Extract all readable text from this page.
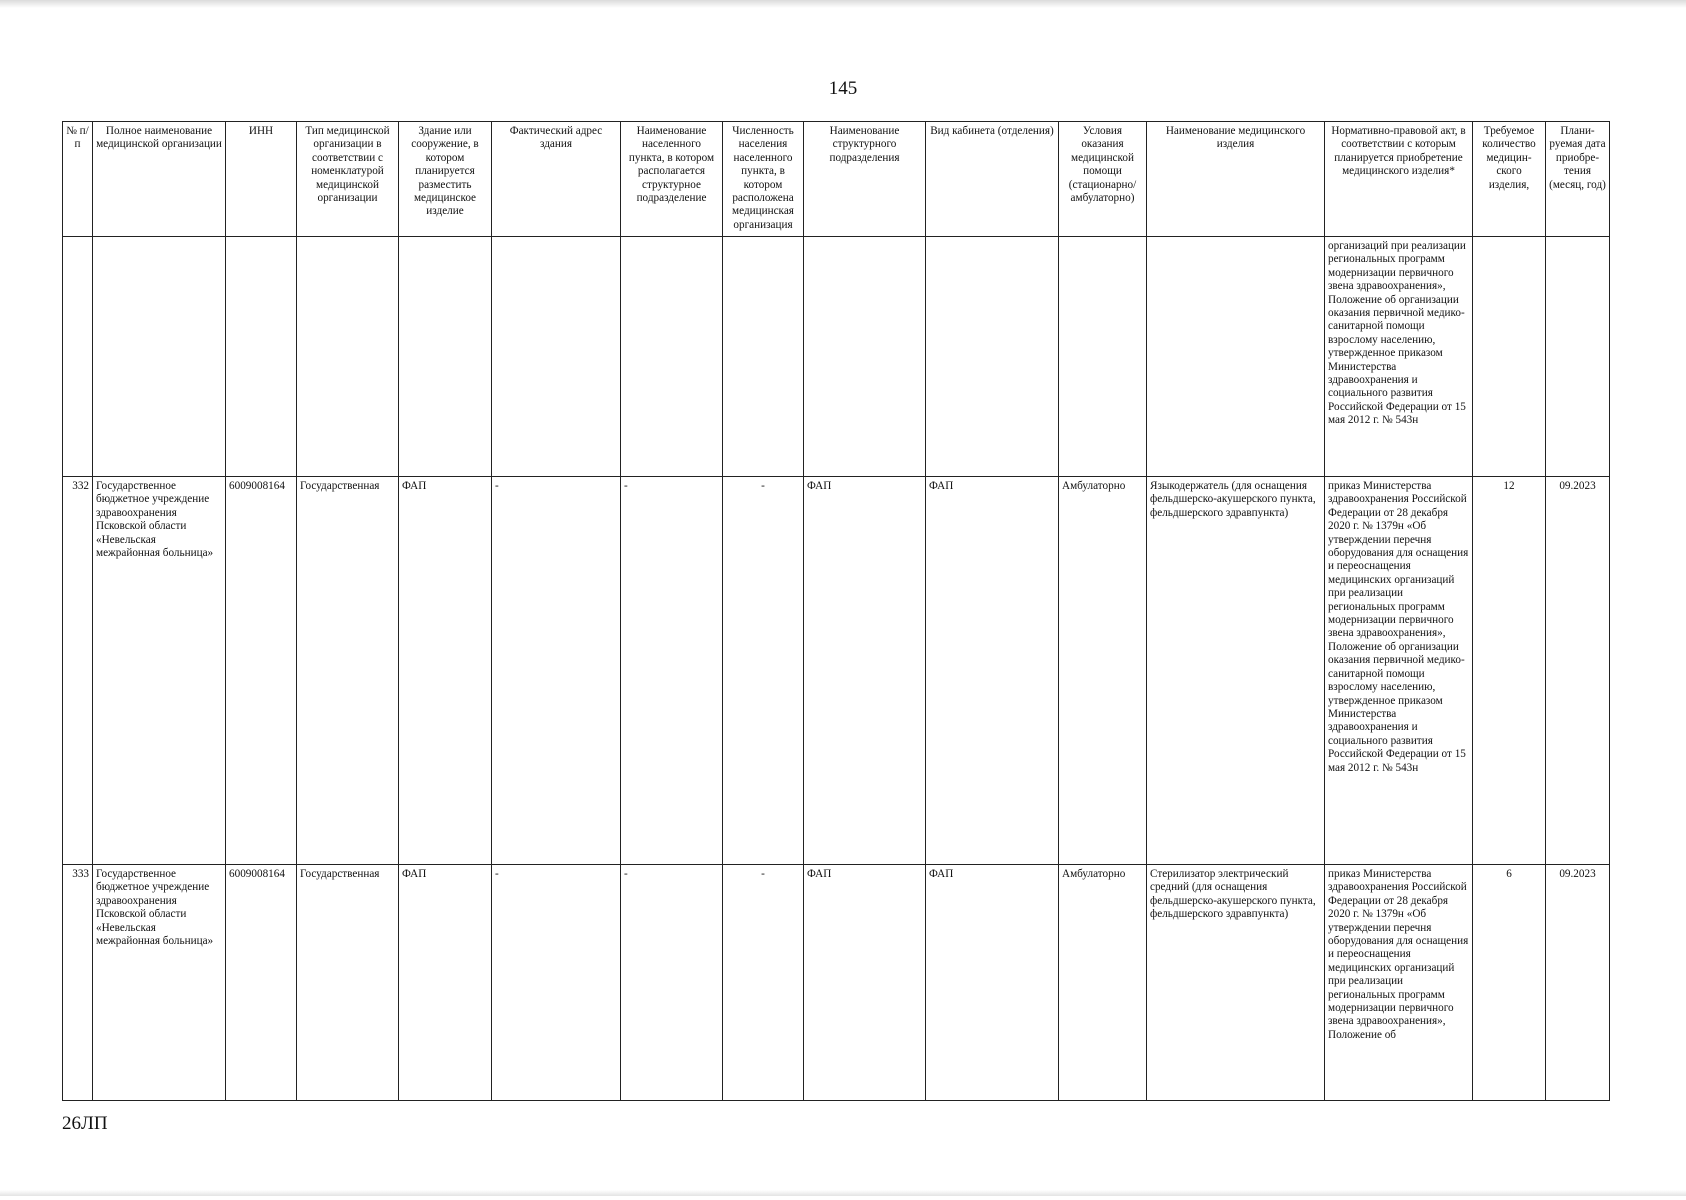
145
№ п/п	Полное наименование медицинской организации	ИНН	Тип медицинской организации в соответствии с номенклатурой медицинской организации	Здание или сооружение, в котором планируется разместить медицинское изделие	Фактический адрес здания	Наименование населенного пункта, в котором располагается структурное подразделение	Численность населения населенного пункта, в котором расположена медицинская организация	Наименование структурного подразделения	Вид кабинета (отделения)	Условия оказания медицинской помощи (стационарно/ амбулаторно)	Наименование медицинского изделия	Нормативно-правовой акт, в соответствии с которым планируется приобретение медицинского изделия*	Требуемое количество медицин-ского изделия,	Плани-руемая дата приобре-тения (месяц, год)
												организаций при реализации региональных программ модернизации первичного звена здравоохранения», Положение об организации оказания первичной медико-санитарной помощи взрослому населению, утвержденное приказом Министерства здравоохранения и социального развития Российской Федерации от 15 мая 2012 г. № 543н		
332	Государственное бюджетное учреждение здравоохранения Псковской области «Невельская межрайонная больница»	6009008164	Государственная	ФАП	-	-	-	ФАП	ФАП	Амбулаторно	Языкодержатель (для оснащения фельдшерско-акушерского пункта, фельдшерского здравпункта)	приказ Министерства здравоохранения Российской Федерации от 28 декабря 2020 г. № 1379н «Об утверждении перечня оборудования для оснащения и переоснащения медицинских организаций при реализации региональных программ модернизации первичного звена здравоохранения», Положение об организации оказания первичной медико-санитарной помощи взрослому населению, утвержденное приказом Министерства здравоохранения и социального развития Российской Федерации от 15 мая 2012 г. № 543н	12	09.2023
333	Государственное бюджетное учреждение здравоохранения Псковской области «Невельская межрайонная больница»	6009008164	Государственная	ФАП	-	-	-	ФАП	ФАП	Амбулаторно	Стерилизатор электрический средний (для оснащения фельдшерско-акушерского пункта, фельдшерского здравпункта)	приказ Министерства здравоохранения Российской Федерации от 28 декабря 2020 г. № 1379н «Об утверждении перечня оборудования для оснащения и переоснащения медицинских организаций при реализации региональных программ модернизации первичного звена здравоохранения», Положение об	6	09.2023
26ЛП
